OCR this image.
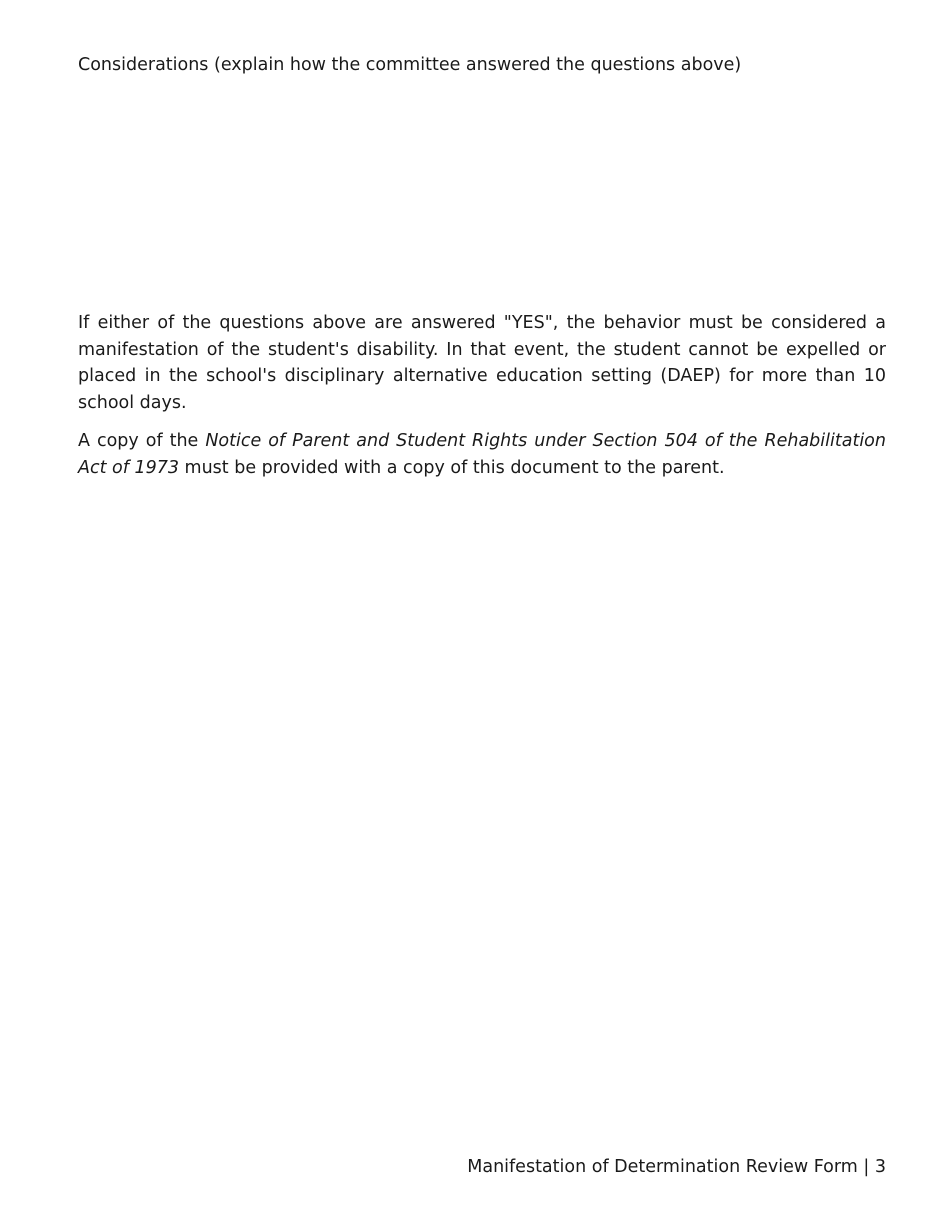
Considerations (explain how the committee answered the questions above)

If either of the questions above are answered "YES", the behavior must be considered a manifestation of the student's disability. In that event, the student cannot be expelled or placed in the school's disciplinary alternative education setting (DAEP) for more than 10 school days.

A copy of the Notice of Parent and Student Rights under Section 504 of the Rehabilitation Act of 1973 must be provided with a copy of this document to the parent.

Manifestation of Determination Review Form | 3
